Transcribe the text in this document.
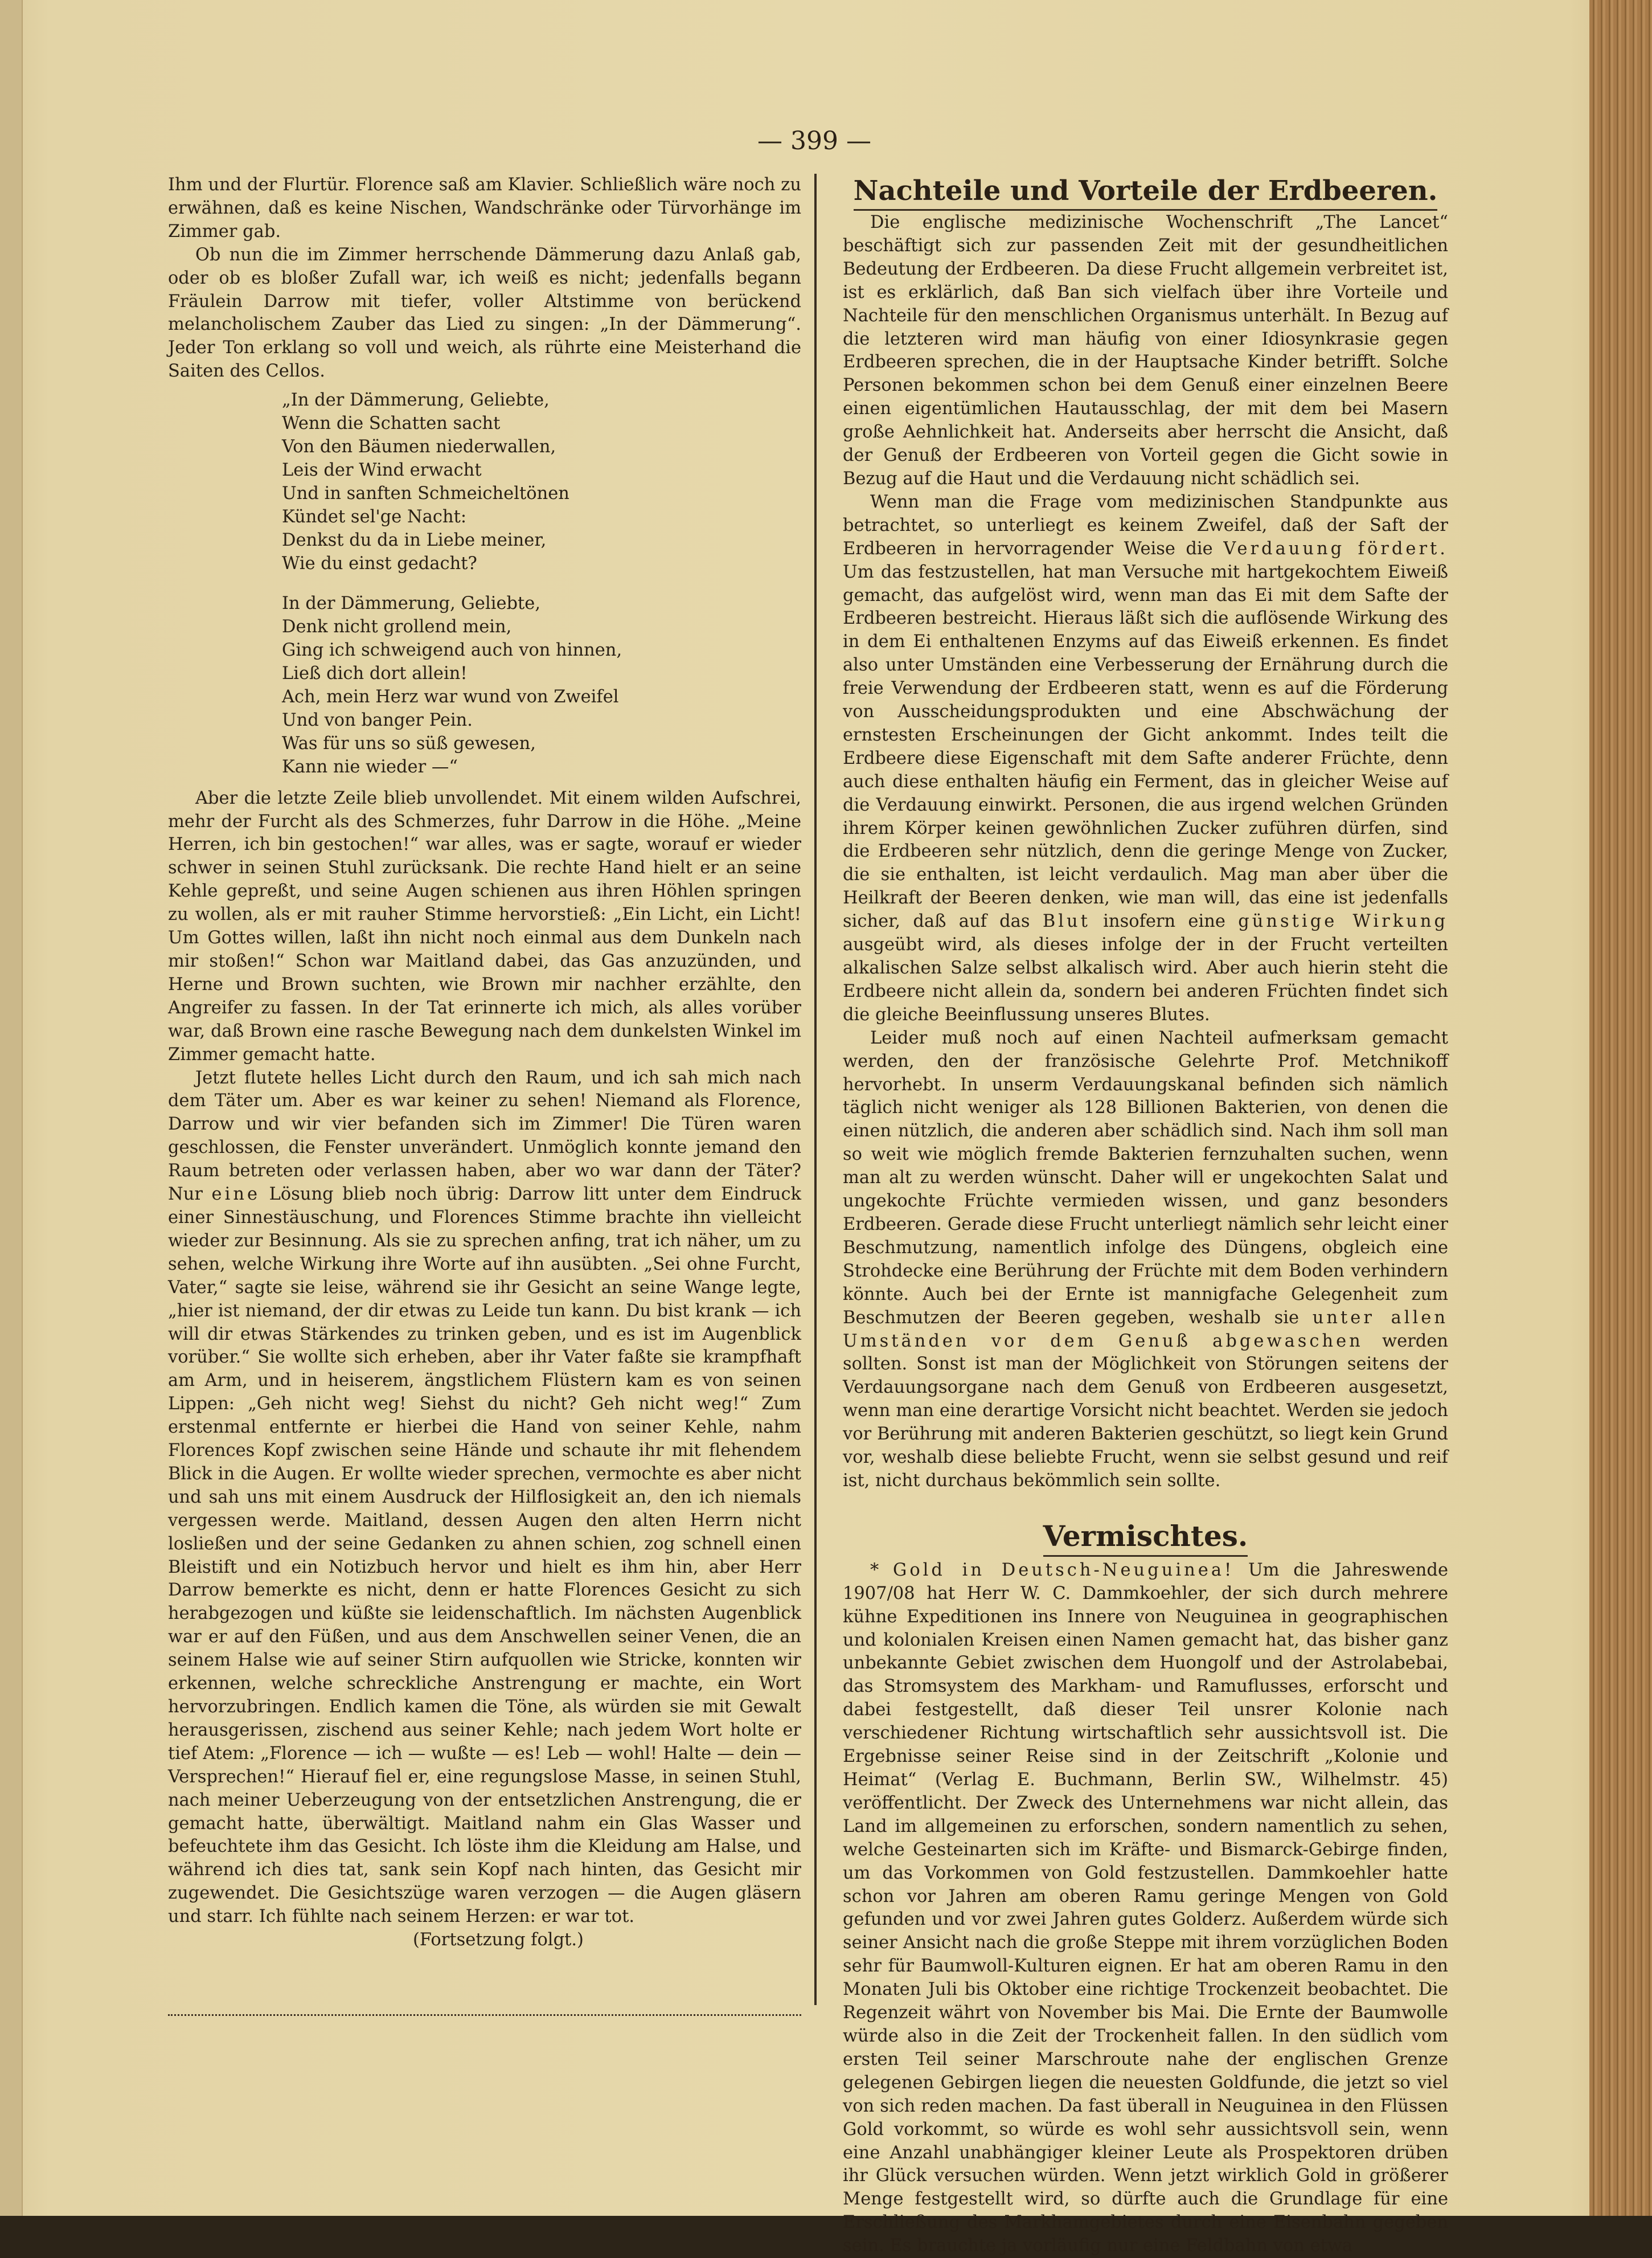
— 399 —

Ihm und der Flurtür. Florence saß am Klavier. Schließlich wäre noch zu erwähnen, daß es keine Nischen, Wandschränke oder Türvorhänge im Zimmer gab.

Ob nun die im Zimmer herrschende Dämmerung dazu Anlaß gab, oder ob es bloßer Zufall war, ich weiß es nicht; jedenfalls begann Fräulein Darrow mit tiefer, voller Altstimme von berückend melancholischem Zauber das Lied zu singen: „In der Dämmerung“. Jeder Ton erklang so voll und weich, als rührte eine Meisterhand die Saiten des Cellos.

„In der Dämmerung, Geliebte,
Wenn die Schatten sacht
Von den Bäumen niederwallen,
Leis der Wind erwacht
Und in sanften Schmeicheltönen
Kündet sel'ge Nacht:
Denkst du da in Liebe meiner,
Wie du einst gedacht?
In der Dämmerung, Geliebte,
Denk nicht grollend mein,
Ging ich schweigend auch von hinnen,
Ließ dich dort allein!
Ach, mein Herz war wund von Zweifel
Und von banger Pein.
Was für uns so süß gewesen,
Kann nie wieder —“

Aber die letzte Zeile blieb unvollendet. Mit einem wilden Aufschrei, mehr der Furcht als des Schmerzes, fuhr Darrow in die Höhe. „Meine Herren, ich bin gestochen!“ war alles, was er sagte, worauf er wieder schwer in seinen Stuhl zurücksank. Die rechte Hand hielt er an seine Kehle gepreßt, und seine Augen schienen aus ihren Höhlen springen zu wollen, als er mit rauher Stimme hervorstieß: „Ein Licht, ein Licht! Um Gottes willen, laßt ihn nicht noch einmal aus dem Dunkeln nach mir stoßen!“ Schon war Maitland dabei, das Gas anzuzünden, und Herne und Brown suchten, wie Brown mir nachher erzählte, den Angreifer zu fassen. In der Tat erinnerte ich mich, als alles vorüber war, daß Brown eine rasche Bewegung nach dem dunkelsten Winkel im Zimmer gemacht hatte.

Jetzt flutete helles Licht durch den Raum, und ich sah mich nach dem Täter um. Aber es war keiner zu sehen! Niemand als Florence, Darrow und wir vier befanden sich im Zimmer! Die Türen waren geschlossen, die Fenster unverändert. Unmöglich konnte jemand den Raum betreten oder verlassen haben, aber wo war dann der Täter? Nur eine Lösung blieb noch übrig: Darrow litt unter dem Eindruck einer Sinnestäuschung, und Florences Stimme brachte ihn vielleicht wieder zur Besinnung. Als sie zu sprechen anfing, trat ich näher, um zu sehen, welche Wirkung ihre Worte auf ihn ausübten. „Sei ohne Furcht, Vater,“ sagte sie leise, während sie ihr Gesicht an seine Wange legte, „hier ist niemand, der dir etwas zu Leide tun kann. Du bist krank — ich will dir etwas Stärkendes zu trinken geben, und es ist im Augenblick vorüber.“ Sie wollte sich erheben, aber ihr Vater faßte sie krampfhaft am Arm, und in heiserem, ängstlichem Flüstern kam es von seinen Lippen: „Geh nicht weg! Siehst du nicht? Geh nicht weg!“ Zum erstenmal entfernte er hierbei die Hand von seiner Kehle, nahm Florences Kopf zwischen seine Hände und schaute ihr mit flehendem Blick in die Augen. Er wollte wieder sprechen, vermochte es aber nicht und sah uns mit einem Ausdruck der Hilflosigkeit an, den ich niemals vergessen werde. Maitland, dessen Augen den alten Herrn nicht losließen und der seine Gedanken zu ahnen schien, zog schnell einen Bleistift und ein Notizbuch hervor und hielt es ihm hin, aber Herr Darrow bemerkte es nicht, denn er hatte Florences Gesicht zu sich herabgezogen und küßte sie leidenschaftlich. Im nächsten Augenblick war er auf den Füßen, und aus dem Anschwellen seiner Venen, die an seinem Halse wie auf seiner Stirn aufquollen wie Stricke, konnten wir erkennen, welche schreckliche Anstrengung er machte, ein Wort hervorzubringen. Endlich kamen die Töne, als würden sie mit Gewalt herausgerissen, zischend aus seiner Kehle; nach jedem Wort holte er tief Atem: „Florence — ich — wußte — es! Leb — wohl! Halte — dein — Versprechen!“ Hierauf fiel er, eine regungslose Masse, in seinen Stuhl, nach meiner Ueberzeugung von der entsetzlichen Anstrengung, die er gemacht hatte, überwältigt. Maitland nahm ein Glas Wasser und befeuchtete ihm das Gesicht. Ich löste ihm die Kleidung am Halse, und während ich dies tat, sank sein Kopf nach hinten, das Gesicht mir zugewendet. Die Gesichtszüge waren verzogen — die Augen gläsern und starr. Ich fühlte nach seinem Herzen: er war tot.

(Fortsetzung folgt.)

Nachteile und Vorteile der Erdbeeren.

Die englische medizinische Wochenschrift „The Lancet“ beschäftigt sich zur passenden Zeit mit der gesundheitlichen Bedeutung der Erdbeeren. Da diese Frucht allgemein verbreitet ist, ist es erklärlich, daß Ban sich vielfach über ihre Vorteile und Nachteile für den menschlichen Organismus unterhält. In Bezug auf die letzteren wird man häufig von einer Idiosynkrasie gegen Erdbeeren sprechen, die in der Hauptsache Kinder betrifft. Solche Personen bekommen schon bei dem Genuß einer einzelnen Beere einen eigentümlichen Hautausschlag, der mit dem bei Masern große Aehnlichkeit hat. Anderseits aber herrscht die Ansicht, daß der Genuß der Erdbeeren von Vorteil gegen die Gicht sowie in Bezug auf die Haut und die Verdauung nicht schädlich sei.

Wenn man die Frage vom medizinischen Standpunkte aus betrachtet, so unterliegt es keinem Zweifel, daß der Saft der Erdbeeren in hervorragender Weise die Verdauung fördert. Um das festzustellen, hat man Versuche mit hartgekochtem Eiweiß gemacht, das aufgelöst wird, wenn man das Ei mit dem Safte der Erdbeeren bestreicht. Hieraus läßt sich die auflösende Wirkung des in dem Ei enthaltenen Enzyms auf das Eiweiß erkennen. Es findet also unter Umständen eine Verbesserung der Ernährung durch die freie Verwendung der Erdbeeren statt, wenn es auf die Förderung von Ausscheidungsprodukten und eine Abschwächung der ernstesten Erscheinungen der Gicht ankommt. Indes teilt die Erdbeere diese Eigenschaft mit dem Safte anderer Früchte, denn auch diese enthalten häufig ein Ferment, das in gleicher Weise auf die Verdauung einwirkt. Personen, die aus irgend welchen Gründen ihrem Körper keinen gewöhnlichen Zucker zuführen dürfen, sind die Erdbeeren sehr nützlich, denn die geringe Menge von Zucker, die sie enthalten, ist leicht verdaulich. Mag man aber über die Heilkraft der Beeren denken, wie man will, das eine ist jedenfalls sicher, daß auf das Blut insofern eine günstige Wirkung ausgeübt wird, als dieses infolge der in der Frucht verteilten alkalischen Salze selbst alkalisch wird. Aber auch hierin steht die Erdbeere nicht allein da, sondern bei anderen Früchten findet sich die gleiche Beeinflussung unseres Blutes.

Leider muß noch auf einen Nachteil aufmerksam gemacht werden, den der französische Gelehrte Prof. Metchnikoff hervorhebt. In unserm Verdauungskanal befinden sich nämlich täglich nicht weniger als 128 Billionen Bakterien, von denen die einen nützlich, die anderen aber schädlich sind. Nach ihm soll man so weit wie möglich fremde Bakterien fernzuhalten suchen, wenn man alt zu werden wünscht. Daher will er ungekochten Salat und ungekochte Früchte vermieden wissen, und ganz besonders Erdbeeren. Gerade diese Frucht unterliegt nämlich sehr leicht einer Beschmutzung, namentlich infolge des Düngens, obgleich eine Strohdecke eine Berührung der Früchte mit dem Boden verhindern könnte. Auch bei der Ernte ist mannigfache Gelegenheit zum Beschmutzen der Beeren gegeben, weshalb sie unter allen Umständen vor dem Genuß abgewaschen werden sollten. Sonst ist man der Möglichkeit von Störungen seitens der Verdauungsorgane nach dem Genuß von Erdbeeren ausgesetzt, wenn man eine derartige Vorsicht nicht beachtet. Werden sie jedoch vor Berührung mit anderen Bakterien geschützt, so liegt kein Grund vor, weshalb diese beliebte Frucht, wenn sie selbst gesund und reif ist, nicht durchaus bekömmlich sein sollte.

Vermischtes.

* Gold in Deutsch-Neuguinea! Um die Jahreswende 1907/08 hat Herr W. C. Dammkoehler, der sich durch mehrere kühne Expeditionen ins Innere von Neuguinea in geographischen und kolonialen Kreisen einen Namen gemacht hat, das bisher ganz unbekannte Gebiet zwischen dem Huongolf und der Astrolabebai, das Stromsystem des Markham- und Ramuflusses, erforscht und dabei festgestellt, daß dieser Teil unsrer Kolonie nach verschiedener Richtung wirtschaftlich sehr aussichtsvoll ist. Die Ergebnisse seiner Reise sind in der Zeitschrift „Kolonie und Heimat“ (Verlag E. Buchmann, Berlin SW., Wilhelmstr. 45) veröffentlicht. Der Zweck des Unternehmens war nicht allein, das Land im allgemeinen zu erforschen, sondern namentlich zu sehen, welche Gesteinarten sich im Kräfte- und Bismarck-Gebirge finden, um das Vorkommen von Gold festzustellen. Dammkoehler hatte schon vor Jahren am oberen Ramu geringe Mengen von Gold gefunden und vor zwei Jahren gutes Golderz. Außerdem würde sich seiner Ansicht nach die große Steppe mit ihrem vorzüglichen Boden sehr für Baumwoll-Kulturen eignen. Er hat am oberen Ramu in den Monaten Juli bis Oktober eine richtige Trockenzeit beobachtet. Die Regenzeit währt von November bis Mai. Die Ernte der Baumwolle würde also in die Zeit der Trockenheit fallen. In den südlich vom ersten Teil seiner Marschroute nahe der englischen Grenze gelegenen Gebirgen liegen die neuesten Goldfunde, die jetzt so viel von sich reden machen. Da fast überall in Neuguinea in den Flüssen Gold vorkommt, so würde es wohl sehr aussichtsvoll sein, wenn eine Anzahl unabhängiger kleiner Leute als Prospektoren drüben ihr Glück versuchen würden. Wenn jetzt wirklich Gold in größerer Menge festgestellt wird, so dürfte auch die Grundlage für eine Erschließung des Markhamgebietes durch eine Eisenbahn gegeben sein. Es brauchte ja vorläufig nur eine Feldbahn von etwa
